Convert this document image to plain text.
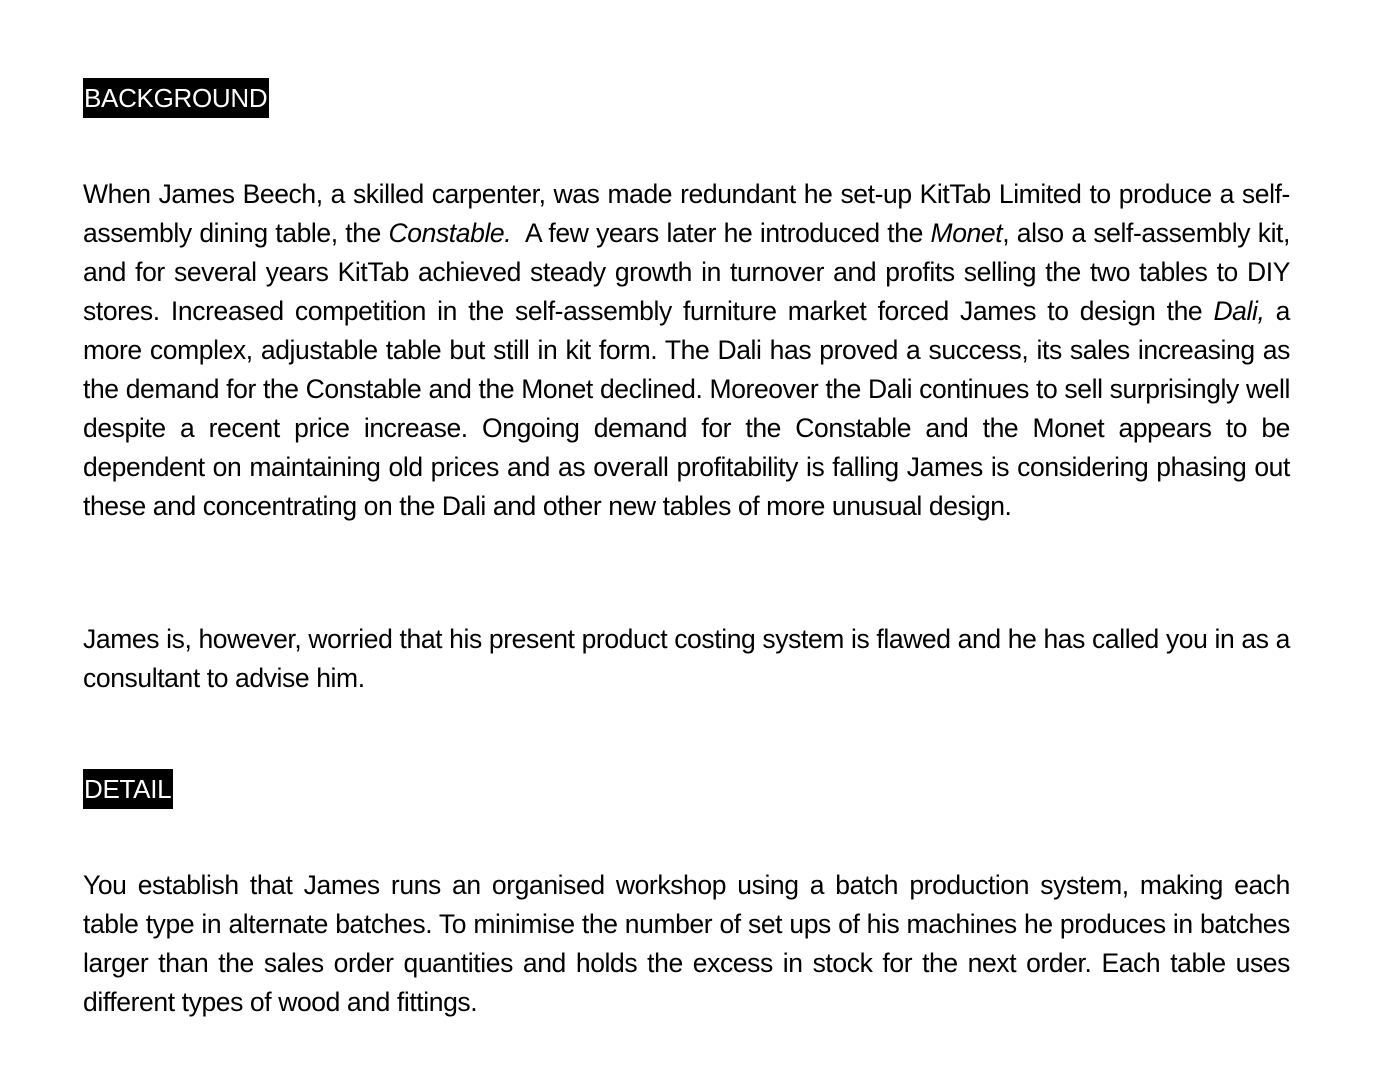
BACKGROUND

When James Beech, a skilled carpenter, was made redundant he set-up KitTab Limited to produce a self-assembly dining table, the Constable.  A few years later he introduced the Monet, also a self-assembly kit, and for several years KitTab achieved steady growth in turnover and profits selling the two tables to DIY stores. Increased competition in the self-assembly furniture market forced James to design the Dali, a more complex, adjustable table but still in kit form. The Dali has proved a success, its sales increasing as the demand for the Constable and the Monet declined. Moreover the Dali continues to sell surprisingly well despite a recent price increase. Ongoing demand for the Constable and the Monet appears to be dependent on maintaining old prices and as overall profitability is falling James is considering phasing out these and concentrating on the Dali and other new tables of more unusual design.

James is, however, worried that his present product costing system is flawed and he has called you in as a consultant to advise him.

DETAIL

You establish that James runs an organised workshop using a batch production system, making each table type in alternate batches. To minimise the number of set ups of his machines he produces in batches larger than the sales order quantities and holds the excess in stock for the next order. Each table uses different types of wood and fittings.
